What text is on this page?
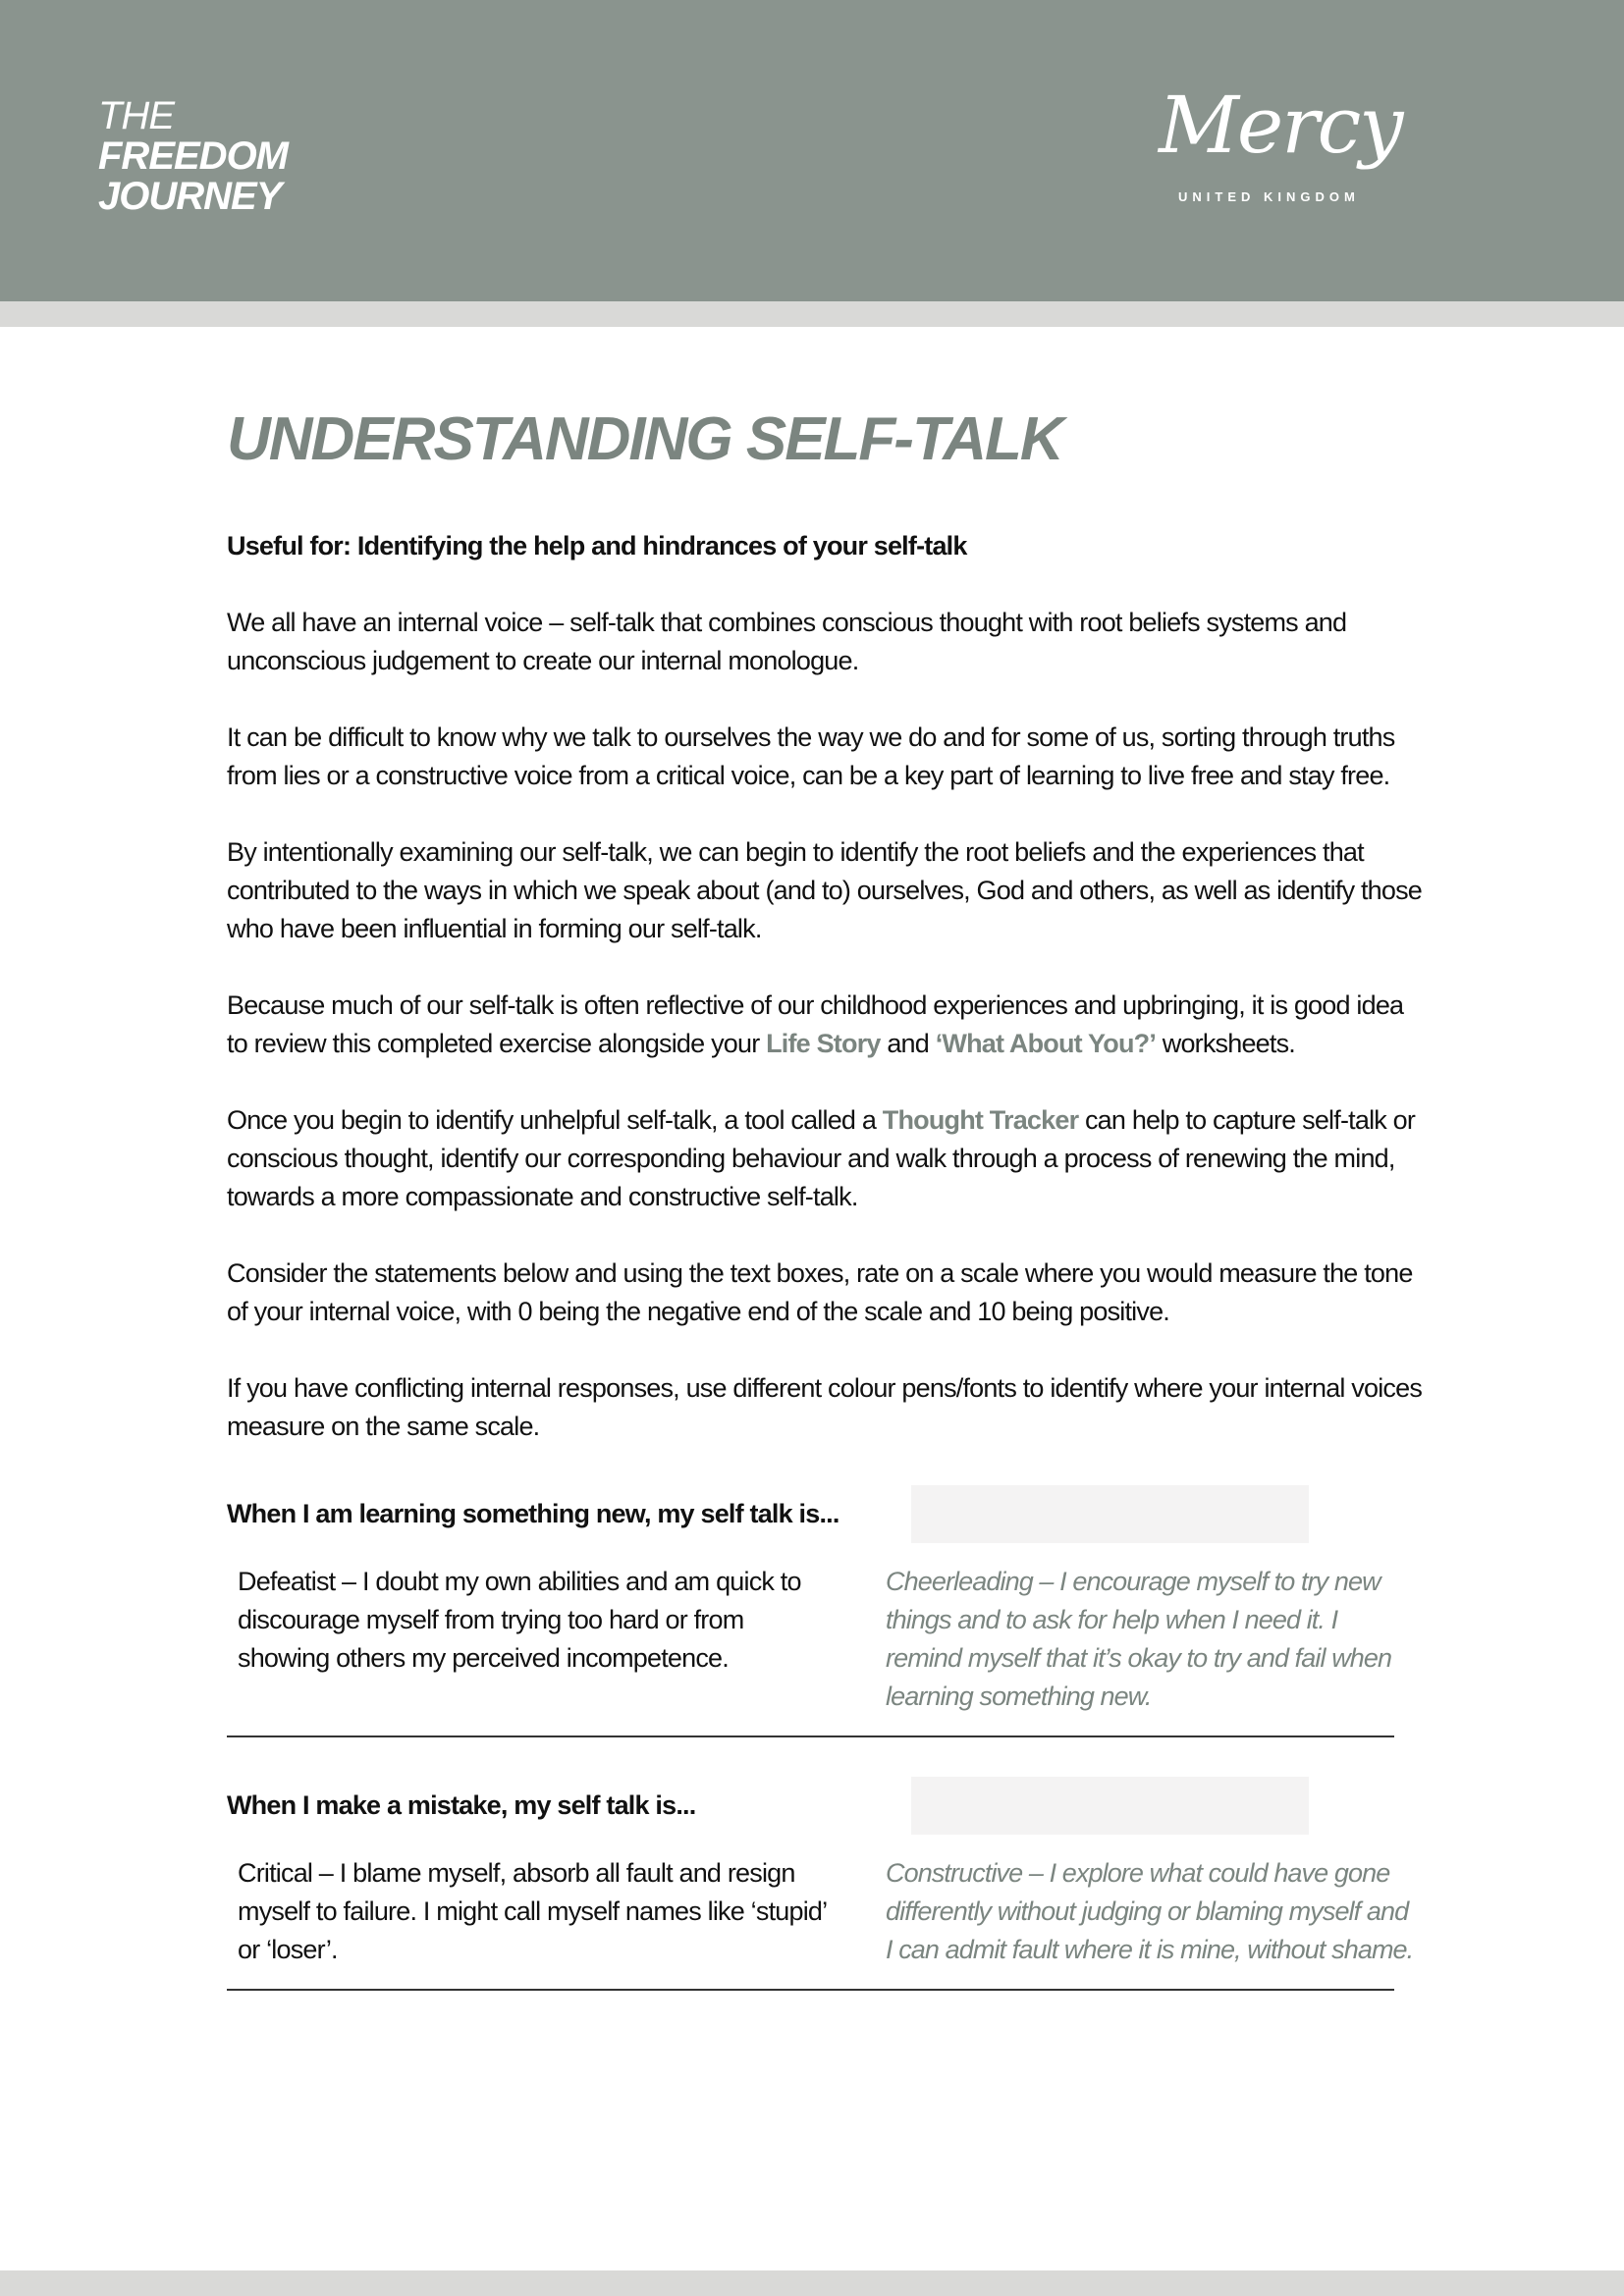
THE
FREEDOM
JOURNEY
Mercy
UNITED KINGDOM
UNDERSTANDING SELF-TALK
Useful for: Identifying the help and hindrances of your self-talk
We all have an internal voice – self-talk that combines conscious thought with root beliefs systems and unconscious judgement to create our internal monologue.
It can be difficult to know why we talk to ourselves the way we do and for some of us, sorting through truths from lies or a constructive voice from a critical voice, can be a key part of learning to live free and stay free.
By intentionally examining our self-talk, we can begin to identify the root beliefs and the experiences that contributed to the ways in which we speak about (and to) ourselves, God and others, as well as identify those who have been influential in forming our self-talk.
Because much of our self-talk is often reflective of our childhood experiences and upbringing, it is good idea to review this completed exercise alongside your Life Story and ‘What About You?’ worksheets.
Once you begin to identify unhelpful self-talk, a tool called a Thought Tracker can help to capture self-talk or conscious thought, identify our corresponding behaviour and walk through a process of renewing the mind, towards a more compassionate and constructive self-talk.
Consider the statements below and using the text boxes, rate on a scale where you would measure the tone of your internal voice, with 0 being the negative end of the scale and 10 being positive.
If you have conflicting internal responses, use different colour pens/fonts to identify where your internal voices measure on the same scale.
When I am learning something new, my self talk is...
Defeatist – I doubt my own abilities and am quick to discourage myself from trying too hard or from showing others my perceived incompetence.
Cheerleading – I encourage myself to try new things and to ask for help when I need it. I remind myself that it’s okay to try and fail when learning something new.
When I make a mistake, my self talk is...
Critical – I blame myself, absorb all fault and resign myself to failure. I might call myself names like ‘stupid’ or ‘loser’.
Constructive – I explore what could have gone differently without judging or blaming myself and I can admit fault where it is mine, without shame.
